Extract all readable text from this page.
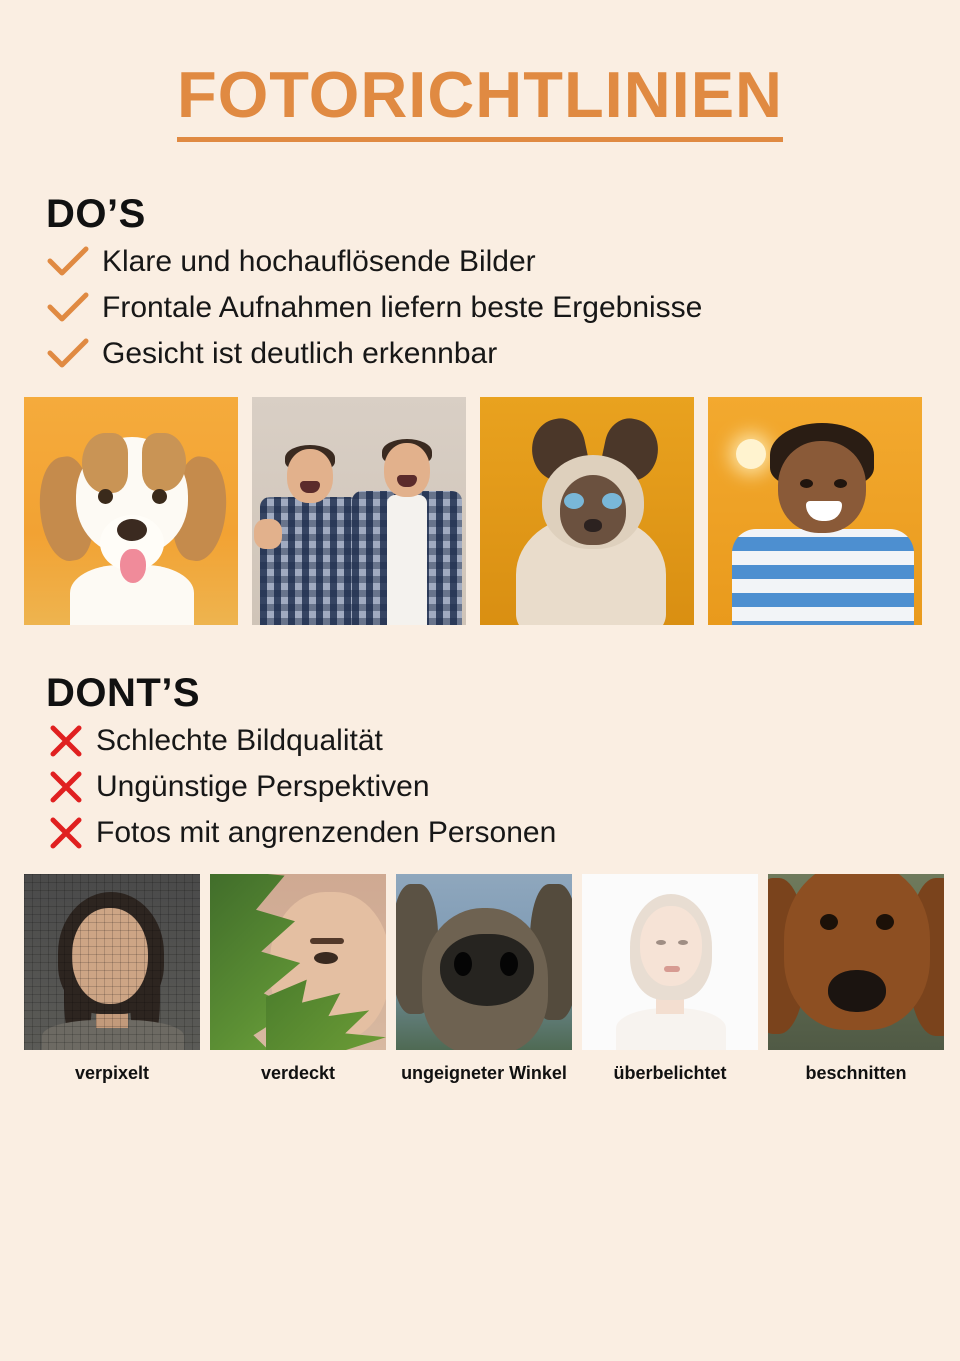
FOTORICHTLINIEN
DO’S
Klare und hochauflösende Bilder
Frontale Aufnahmen liefern beste Ergebnisse
Gesicht ist deutlich erkennbar
DONT’S
Schlechte Bildqualität
Ungünstige Perspektiven
Fotos mit angrenzenden Personen
verpixelt	verdeckt	ungeigneter Winkel	überbelichtet	beschnitten
